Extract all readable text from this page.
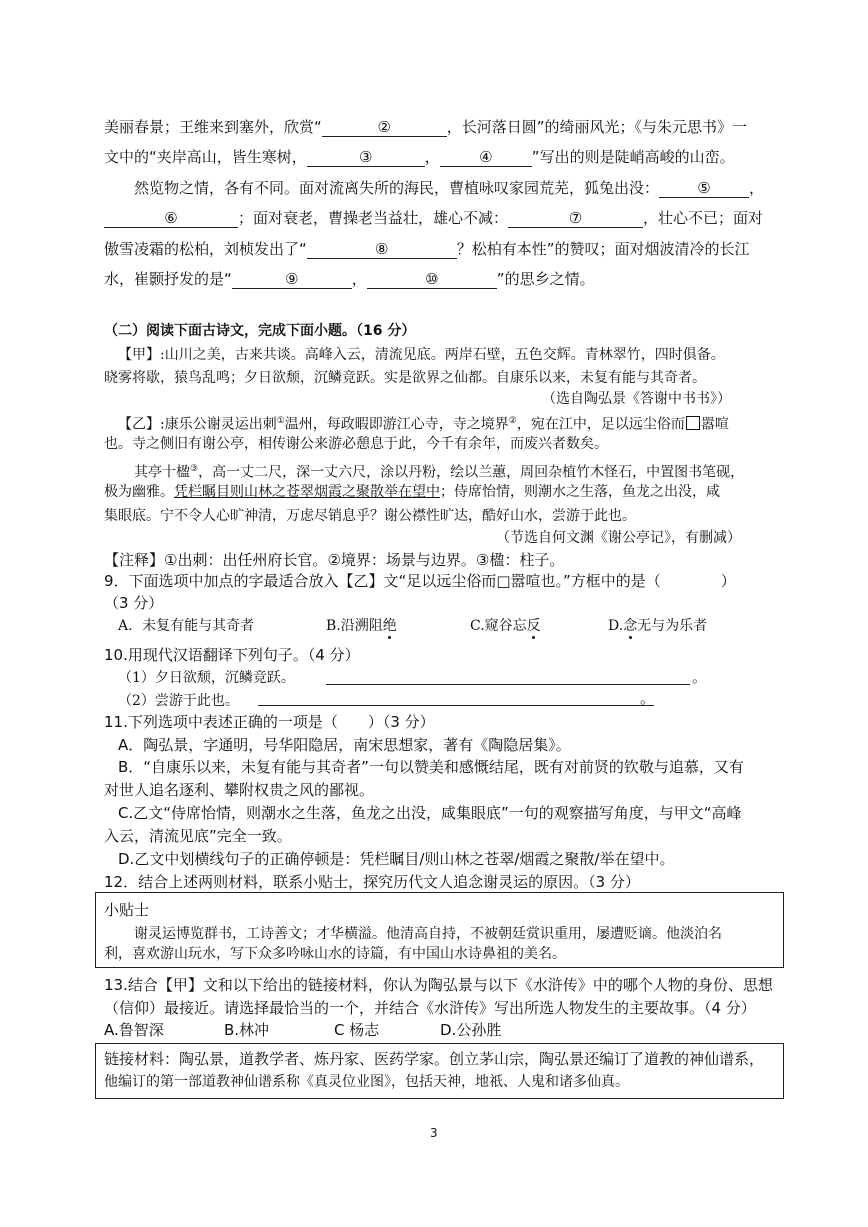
美丽春景；王维来到塞外，欣赏“	②	，长河落日圆”的绮丽风光；《与朱元思书》一
文中的“夹岸高山，皆生寒树，	③	，	④	”写出的则是陡峭高峻的山峦。
然览物之情，各有不同。面对流离失所的海民，曹植咏叹家园荒芜，狐兔出没：	⑤	，
⑥	；面对衰老，曹操老当益壮，雄心不减：	⑦	，壮心不已；面对
傲雪凌霜的松柏，刘桢发出了“	⑧	？松柏有本性”的赞叹；面对烟波清冷的长江
水，崔颢抒发的是“	⑨	，	⑩	”的思乡之情。
（二）阅读下面古诗文，完成下面小题。（16 分）
【甲】:山川之美，古来共谈。高峰入云，清流见底。两岸石壁，五色交辉。青林翠竹，四时俱备。
晓雾将歇，猿鸟乱鸣；夕日欲颓，沉鳞竞跃。实是欲界之仙都。自康乐以来，未复有能与其奇者。
（选自陶弘景《答谢中书书》）
【乙】:康乐公谢灵运出刺①温州，每政暇即游江心寺，寺之境界②，宛在江中，足以远尘俗而 嚣喧
也。寺之侧旧有谢公亭，相传谢公来游必憩息于此，今千有余年，而废兴者数矣。
其亭十楹③，高一丈二尺，深一丈六尺，涂以丹粉，绘以兰蕙，周回杂植竹木怪石，中置图书笔砚，
极为幽雅。凭栏瞩目则山林之苍翠烟霞之聚散举在望中；侍席怡情，则潮水之生落，鱼龙之出没，咸
集眼底。宁不令人心旷神清，万虑尽销息乎？谢公襟性旷达，酷好山水，尝游于此也。
（节选自何文渊《谢公亭记》，有删减）
【注释】①出刺：出任州府长官。②境界：场景与边界。③楹：柱子。
9．下面选项中加点的字最适合放入【乙】文“足以远尘俗而□嚣喧也。”方框中的是（　　　　）
（3 分）
A．未复有能与其奇者	B.沿溯阻绝	C.窥谷忘反	D.念无与为乐者
10.用现代汉语翻译下列句子。（4 分）
（1）夕日欲颓，沉鳞竞跃。	。
（2）尝游于此也。	。
11.下列选项中表述正确的一项是（　　）（3 分）
A．陶弘景，字通明，号华阳隐居，南宋思想家，著有《陶隐居集》。
B．“自康乐以来，未复有能与其奇者”一句以赞美和感慨结尾，既有对前贤的钦敬与追慕，又有
对世人追名逐利、攀附权贵之风的鄙视。
C.乙文“侍席怡情，则潮水之生落，鱼龙之出没，咸集眼底”一句的观察描写角度，与甲文“高峰
入云，清流见底”完全一致。
D.乙文中划横线句子的正确停顿是：凭栏瞩目/则山林之苍翠/烟霞之聚散/举在望中。
12．结合上述两则材料，联系小贴士，探究历代文人追念谢灵运的原因。（3 分）
小贴士
谢灵运博览群书，工诗善文；才华横溢。他清高自持，不被朝廷赏识重用，屡遭贬谪。他淡泊名
利，喜欢游山玩水，写下众多吟咏山水的诗篇，有中国山水诗鼻祖的美名。
13.结合【甲】文和以下给出的链接材料，你认为陶弘景与以下《水浒传》中的哪个人物的身份、思想
（信仰）最接近。请选择最恰当的一个，并结合《水浒传》写出所选人物发生的主要故事。（4 分）
A.鲁智深	B.林冲	C 杨志	D.公孙胜
链接材料：陶弘景，道教学者、炼丹家、医药学家。创立茅山宗，陶弘景还编订了道教的神仙谱系，
他编订的第一部道教神仙谱系称《真灵位业图》，包括天神，地祇、人鬼和诸多仙真。
3
